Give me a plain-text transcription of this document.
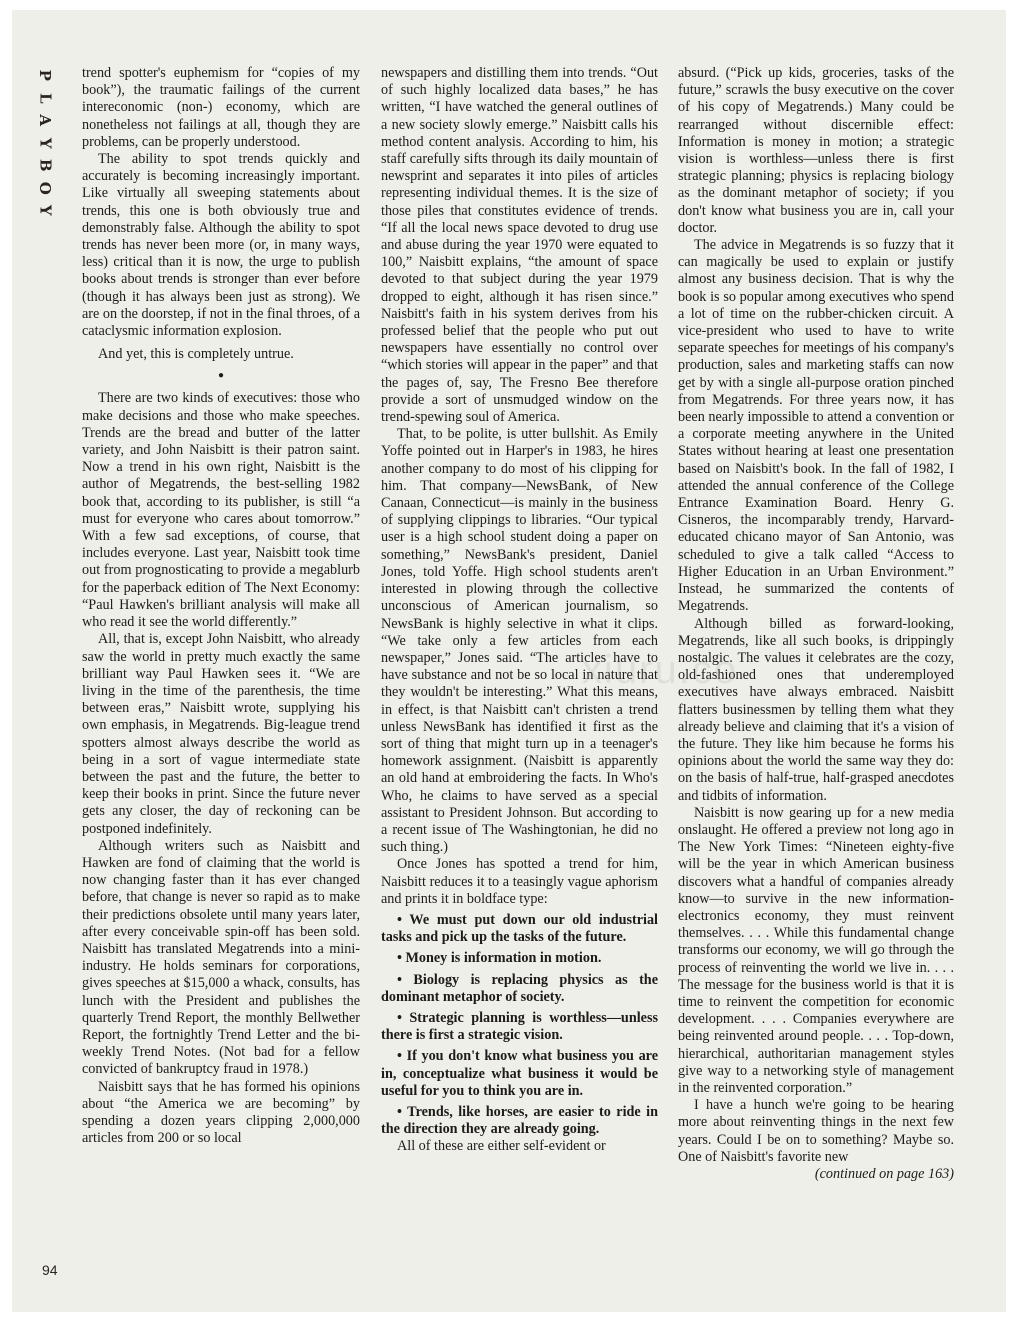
P
L
A
Y
B
O
Y

trend spotter's euphemism for “copies of my book”), the traumatic failings of the current intereconomic (non-) economy, which are nonetheless not failings at all, though they are problems, can be properly understood.

The ability to spot trends quickly and accurately is becoming increasingly important. Like virtually all sweeping statements about trends, this one is both obviously true and demonstrably false. Although the ability to spot trends has never been more (or, in many ways, less) critical than it is now, the urge to publish books about trends is stronger than ever before (though it has always been just as strong). We are on the doorstep, if not in the final throes, of a cataclysmic information explosion.

And yet, this is completely untrue.

●

There are two kinds of executives: those who make decisions and those who make speeches. Trends are the bread and butter of the latter variety, and John Naisbitt is their patron saint. Now a trend in his own right, Naisbitt is the author of Megatrends, the best-selling 1982 book that, according to its publisher, is still “a must for everyone who cares about tomorrow.” With a few sad exceptions, of course, that includes everyone. Last year, Naisbitt took time out from prognosticating to provide a megablurb for the paperback edition of The Next Economy: “Paul Hawken's brilliant analysis will make all who read it see the world differently.”

All, that is, except John Naisbitt, who already saw the world in pretty much exactly the same brilliant way Paul Hawken sees it. “We are living in the time of the parenthesis, the time between eras,” Naisbitt wrote, supplying his own emphasis, in Megatrends. Big-league trend spotters almost always describe the world as being in a sort of vague intermediate state between the past and the future, the better to keep their books in print. Since the future never gets any closer, the day of reckoning can be postponed indefinitely.

Although writers such as Naisbitt and Hawken are fond of claiming that the world is now changing faster than it has ever changed before, that change is never so rapid as to make their predictions obsolete until many years later, after every conceivable spin-off has been sold. Naisbitt has translated Megatrends into a mini-industry. He holds seminars for corporations, gives speeches at $15,000 a whack, consults, has lunch with the President and publishes the quarterly Trend Report, the monthly Bellwether Report, the fortnightly Trend Letter and the bi-weekly Trend Notes. (Not bad for a fellow convicted of bankruptcy fraud in 1978.)

Naisbitt says that he has formed his opinions about “the America we are becoming” by spending a dozen years clipping 2,000,000 articles from 200 or so local

newspapers and distilling them into trends. “Out of such highly localized data bases,” he has written, “I have watched the general outlines of a new society slowly emerge.” Naisbitt calls his method content analysis. According to him, his staff carefully sifts through its daily mountain of newsprint and separates it into piles of articles representing individual themes. It is the size of those piles that constitutes evidence of trends. “If all the local news space devoted to drug use and abuse during the year 1970 were equated to 100,” Naisbitt explains, “the amount of space devoted to that subject during the year 1979 dropped to eight, although it has risen since.” Naisbitt's faith in his system derives from his professed belief that the people who put out newspapers have essentially no control over “which stories will appear in the paper” and that the pages of, say, The Fresno Bee therefore provide a sort of unsmudged window on the trend-spewing soul of America.

That, to be polite, is utter bullshit. As Emily Yoffe pointed out in Harper's in 1983, he hires another company to do most of his clipping for him. That company—NewsBank, of New Canaan, Connecticut—is mainly in the business of supplying clippings to libraries. “Our typical user is a high school student doing a paper on something,” NewsBank's president, Daniel Jones, told Yoffe. High school students aren't interested in plowing through the collective unconscious of American journalism, so NewsBank is highly selective in what it clips. “We take only a few articles from each newspaper,” Jones said. “The articles have to have substance and not be so local in nature that they wouldn't be interesting.” What this means, in effect, is that Naisbitt can't christen a trend unless NewsBank has identified it first as the sort of thing that might turn up in a teenager's homework assignment. (Naisbitt is apparently an old hand at embroidering the facts. In Who's Who, he claims to have served as a special assistant to President Johnson. But according to a recent issue of The Washingtonian, he did no such thing.)

Once Jones has spotted a trend for him, Naisbitt reduces it to a teasingly vague aphorism and prints it in boldface type:

• We must put down our old industrial tasks and pick up the tasks of the future.

• Money is information in motion.

• Biology is replacing physics as the dominant metaphor of society.

• Strategic planning is worthless—unless there is first a strategic vision.

• If you don't know what business you are in, conceptualize what business it would be useful for you to think you are in.

• Trends, like horses, are easier to ride in the direction they are already going.

All of these are either self-evident or

absurd. (“Pick up kids, groceries, tasks of the future,” scrawls the busy executive on the cover of his copy of Megatrends.) Many could be rearranged without discernible effect: Information is money in motion; a strategic vision is worthless—unless there is first strategic planning; physics is replacing biology as the dominant metaphor of society; if you don't know what business you are in, call your doctor.

The advice in Megatrends is so fuzzy that it can magically be used to explain or justify almost any business decision. That is why the book is so popular among executives who spend a lot of time on the rubber-chicken circuit. A vice-president who used to have to write separate speeches for meetings of his company's production, sales and marketing staffs can now get by with a single all-purpose oration pinched from Megatrends. For three years now, it has been nearly impossible to attend a convention or a corporate meeting anywhere in the United States without hearing at least one presentation based on Naisbitt's book. In the fall of 1982, I attended the annual conference of the College Entrance Examination Board. Henry G. Cisneros, the incomparably trendy, Harvard-educated chicano mayor of San Antonio, was scheduled to give a talk called “Access to Higher Education in an Urban Environment.” Instead, he summarized the contents of Megatrends.

Although billed as forward-looking, Megatrends, like all such books, is drippingly nostalgic. The values it celebrates are the cozy, old-fashioned ones that underemployed executives have always embraced. Naisbitt flatters businessmen by telling them what they already believe and claiming that it's a vision of the future. They like him because he forms his opinions about the world the same way they do: on the basis of half-true, half-grasped anecdotes and tidbits of information.

Naisbitt is now gearing up for a new media onslaught. He offered a preview not long ago in The New York Times: “Nineteen eighty-five will be the year in which American business discovers what a handful of companies already know—to survive in the new information-electronics economy, they must reinvent themselves. . . . While this fundamental change transforms our economy, we will go through the process of reinventing the world we live in. . . . The message for the business world is that it is time to reinvent the competition for economic development. . . . Companies everywhere are being reinvented around people. . . . Top-down, hierarchical, authoritarian management styles give way to a networking style of management in the reinvented corporation.”

I have a hunch we're going to be hearing more about reinventing things in the next few years. Could I be on to something? Maybe so. One of Naisbitt's favorite new

(continued on page 163)

94
xiuru.co
